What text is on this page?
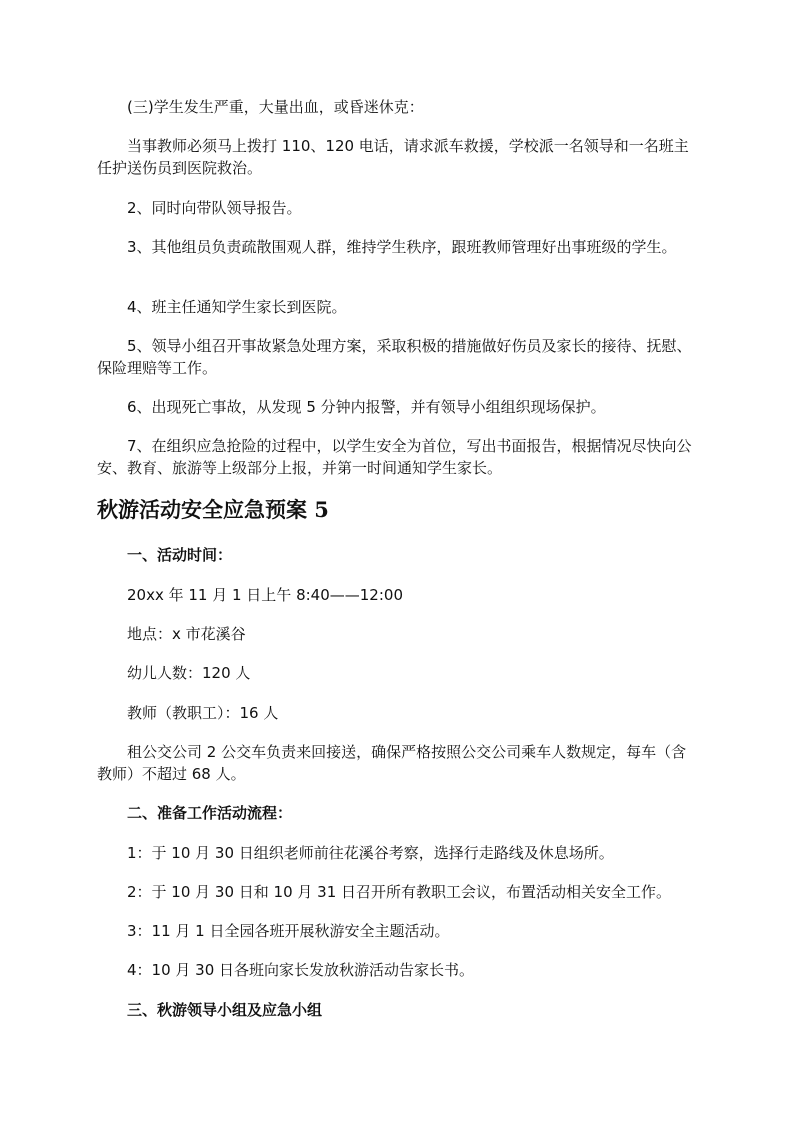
(三)学生发生严重，大量出血，或昏迷休克：

当事教师必须马上拨打 110、120 电话，请求派车救援，学校派一名领导和一名班主任护送伤员到医院救治。

2、同时向带队领导报告。

3、其他组员负责疏散围观人群，维持学生秩序，跟班教师管理好出事班级的学生。

4、班主任通知学生家长到医院。

5、领导小组召开事故紧急处理方案，采取积极的措施做好伤员及家长的接待、抚慰、保险理赔等工作。

6、出现死亡事故，从发现 5 分钟内报警，并有领导小组组织现场保护。

7、在组织应急抢险的过程中，以学生安全为首位，写出书面报告，根据情况尽快向公安、教育、旅游等上级部分上报，并第一时间通知学生家长。

秋游活动安全应急预案 5

一、活动时间：

20xx 年 11 月 1 日上午 8:40——12:00

地点：x 市花溪谷

幼儿人数：120 人

教师（教职工）：16 人

租公交公司 2 公交车负责来回接送，确保严格按照公交公司乘车人数规定，每车（含教师）不超过 68 人。

二、准备工作活动流程：

1：于 10 月 30 日组织老师前往花溪谷考察，选择行走路线及休息场所。

2：于 10 月 30 日和 10 月 31 日召开所有教职工会议，布置活动相关安全工作。

3：11 月 1 日全园各班开展秋游安全主题活动。

4：10 月 30 日各班向家长发放秋游活动告家长书。

三、秋游领导小组及应急小组
